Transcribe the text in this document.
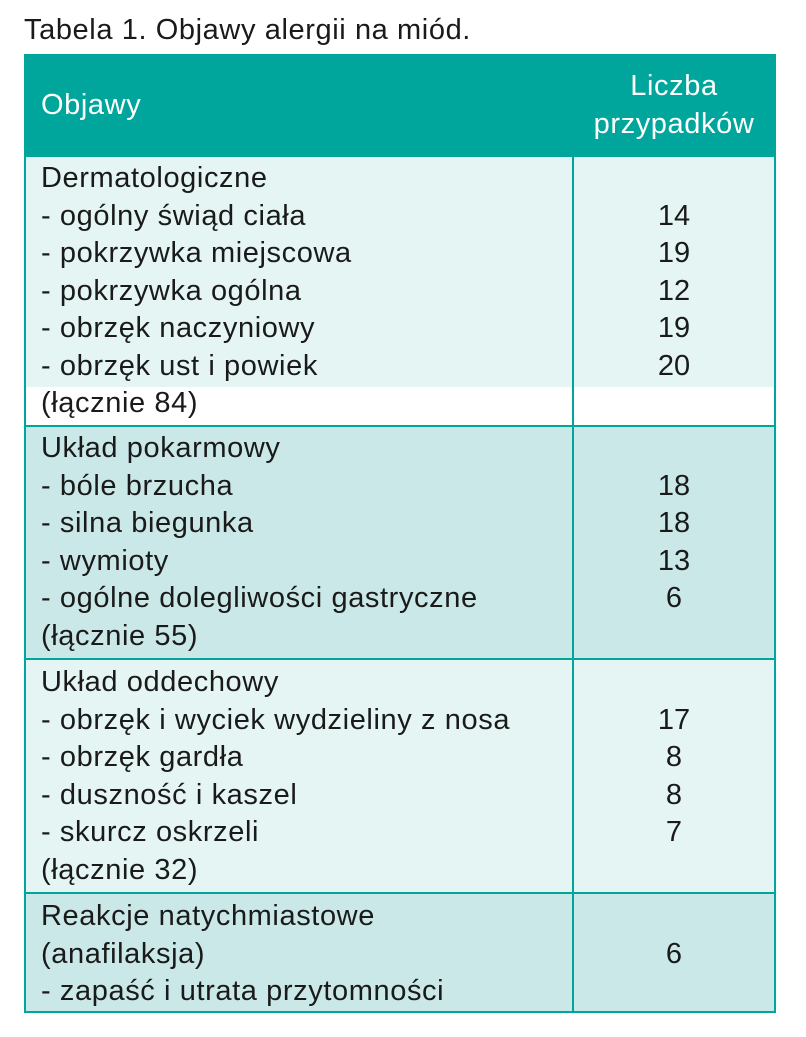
Tabela 1. Objawy alergii na miód.
Objawy
Liczba
przypadków
Dermatologiczne
- ogólny świąd ciała
- pokrzywka miejscowa
- pokrzywka ogólna
- obrzęk naczyniowy
- obrzęk ust i powiek
(łącznie 84)
14
19
12
19
20
Układ pokarmowy
- bóle brzucha
- silna biegunka
- wymioty
- ogólne dolegliwości gastryczne
(łącznie 55)
18
18
13
6
Układ oddechowy
- obrzęk i wyciek wydzieliny z nosa
- obrzęk gardła
- duszność i kaszel
- skurcz oskrzeli
(łącznie 32)
17
8
8
7
Reakcje natychmiastowe
(anafilaksja)
- zapaść i utrata przytomności
6
